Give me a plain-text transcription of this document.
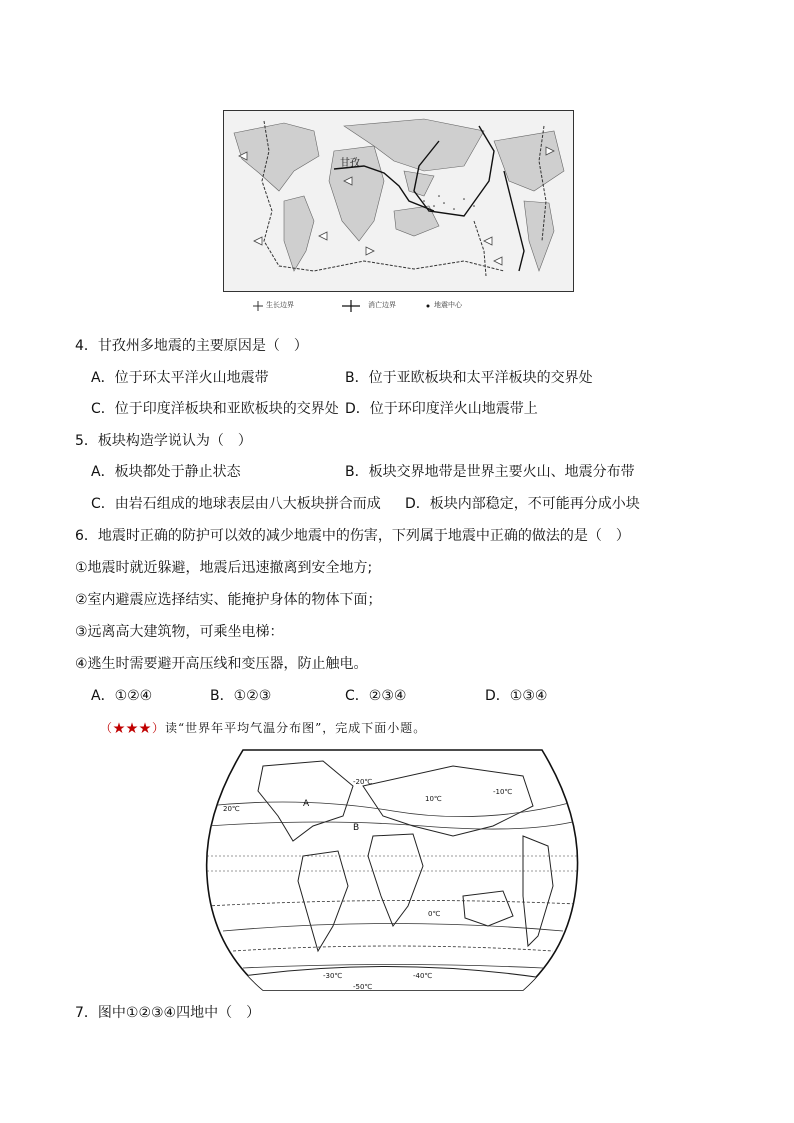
甘孜
生长边界	消亡边界	地震中心
4．甘孜州多地震的主要原因是（　）
A．位于环太平洋火山地震带	B．位于亚欧板块和太平洋板块的交界处
C．位于印度洋板块和亚欧板块的交界处 D．位于环印度洋火山地震带上
5．板块构造学说认为（　）
A．板块都处于静止状态	B．板块交界地带是世界主要火山、地震分布带
C．由岩石组成的地球表层由八大板块拼合而成 D．板块内部稳定，不可能再分成小块
6．地震时正确的防护可以效的减少地震中的伤害，下列属于地震中正确的做法的是（　）
①地震时就近躲避，地震后迅速撤离到安全地方;
②室内避震应选择结实、能掩护身体的物体下面；
③远离高大建筑物，可乘坐电梯：
④逃生时需要避开高压线和变压器，防止触电。
A．①②④	B．①②③	C．②③④	D．①③④
（★★★）读“世界年平均气温分布图”，完成下面小题。
20℃
10℃
0℃
-10℃
-20℃
-30℃	-40℃
-50℃
A
B
7．图中①②③④四地中（　）
